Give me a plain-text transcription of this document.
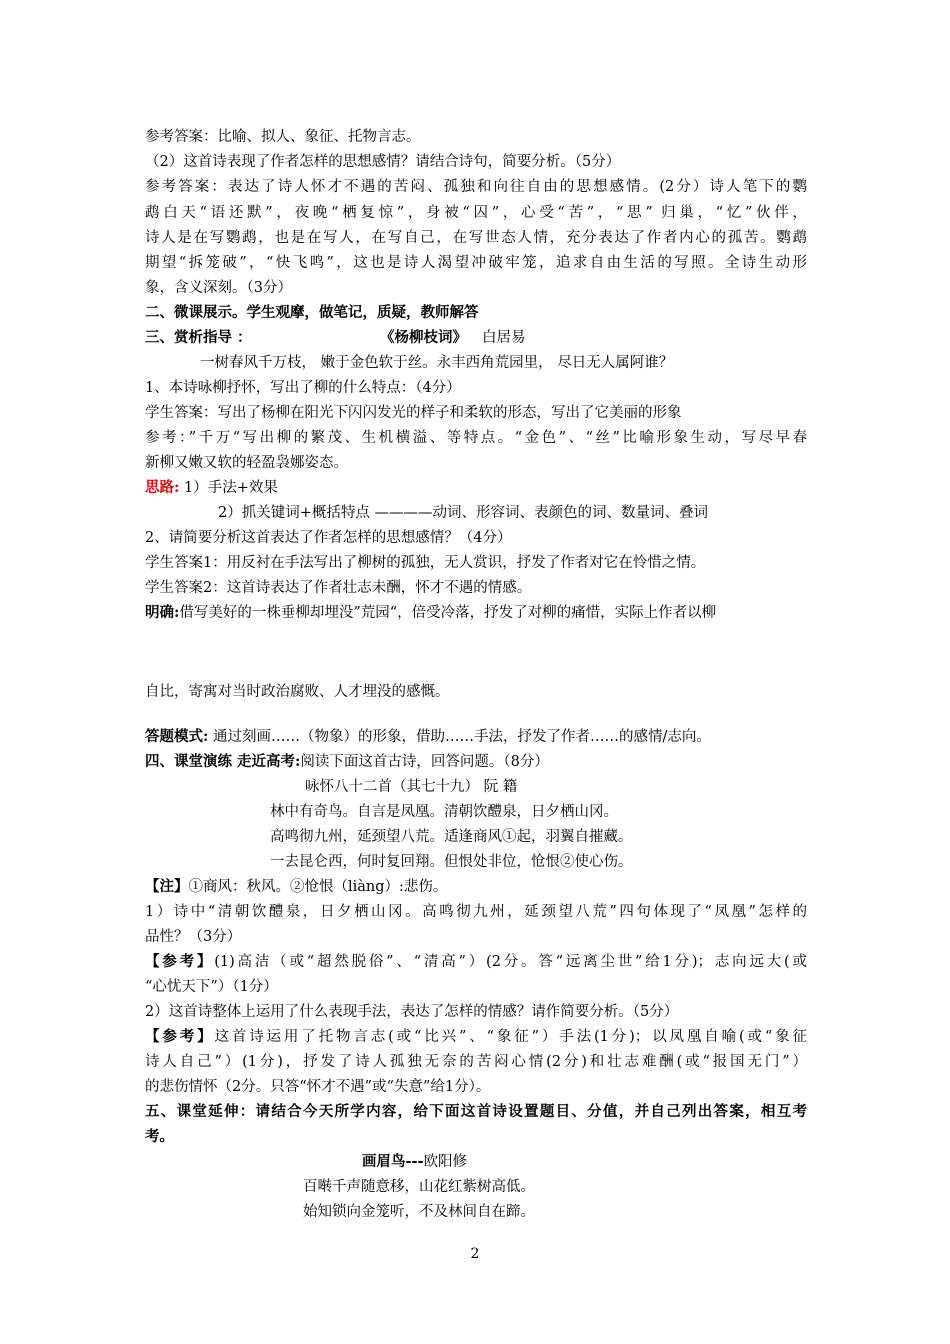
参考答案：比喻、拟人、象征、托物言志。
（2）这首诗表现了作者怎样的思想感情？请结合诗句，简要分析。（5分）
参考答案：表达了诗人怀才不遇的苦闷、孤独和向往自由的思想感情。(2分）诗人笔下的鹦
鹉白天“语还默”，夜晚“栖复惊”，身被“囚”，心受“苦”，“思” 归巢，“忆”伙伴，
诗人是在写鹦鹉，也是在写人，在写自己，在写世态人情，充分表达了作者内心的孤苦。鹦鹉
期望“拆笼破”，“快飞鸣”，这也是诗人渴望冲破牢笼，追求自由生活的写照。全诗生动形
象，含义深刻。（3分）
二、微课展示。学生观摩，做笔记，质疑，教师解答
三、赏析指导 ：	《杨柳枝词》 白居易
一树春风千万枝， 嫩于金色软于丝。永丰西角荒园里， 尽日无人属阿谁？
1、本诗咏柳抒怀，写出了柳的什么特点：（4分）
学生答案：写出了杨柳在阳光下闪闪发光的样子和柔软的形态，写出了它美丽的形象
参考：”千万“写出柳的繁茂、生机横溢、等特点。“金色”、“丝”比喻形象生动，写尽早春
新柳又嫩又软的轻盈袅娜姿态。
思路: 1）手法+效果
2）抓关键词+概括特点 ————动词、形容词、表颜色的词、数量词、叠词
2、请简要分析这首表达了作者怎样的思想感情？（4分）
学生答案1：用反衬在手法写出了柳树的孤独，无人赏识，抒发了作者对它在怜惜之情。
学生答案2：这首诗表达了作者壮志未酬，怀才不遇的情感。
明确:借写美好的一株垂柳却埋没”荒园“，倍受冷落，抒发了对柳的痛惜，实际上作者以柳
自比，寄寓对当时政治腐败、人才埋没的感慨。
答题模式: 通过刻画……（物象）的形象，借助……手法，抒发了作者……的感情/志向。
四、课堂演练 走近高考:阅读下面这首古诗，回答问题。（8分）
咏怀八十二首（其七十九） 阮 籍
林中有奇鸟。自言是凤凰。清朝饮醴泉，日夕栖山冈。
高鸣彻九州，延颈望八荒。适逢商风①起，羽翼自摧藏。
一去昆仑西，何时复回翔。但恨处非位，怆恨②使心伤。
【注】①商风：秋风。②怆恨（liàng）:悲伤。
1）诗中“清朝饮醴泉，日夕栖山冈。高鸣彻九州，延颈望八荒”四句体现了“凤凰”怎样的
品性？（3分）
【参考】(1)高洁（或“超然脱俗”、“清高”）(2分。答“远离尘世”给1分)；志向远大(或
“心忧天下”）（1分）
2）这首诗整体上运用了什么表现手法，表达了怎样的情感？请作简要分析。（5分）
【参考】这首诗运用了托物言志(或“比兴”、“象征”）手法(1分)；以凤凰自喻(或“象征
诗人自己”）(1分)，抒发了诗人孤独无奈的苦闷心情(2分)和壮志难酬(或“报国无门”）
的悲伤情怀（2分。只答“怀才不遇”或“失意”给1分）。
五、课堂延伸：请结合今天所学内容，给下面这首诗设置题目、分值，并自己列出答案，相互考
考。
画眉鸟---欧阳修
百啭千声随意移，山花红紫树高低。
始知锁向金笼听，不及林间自在蹄。
2
